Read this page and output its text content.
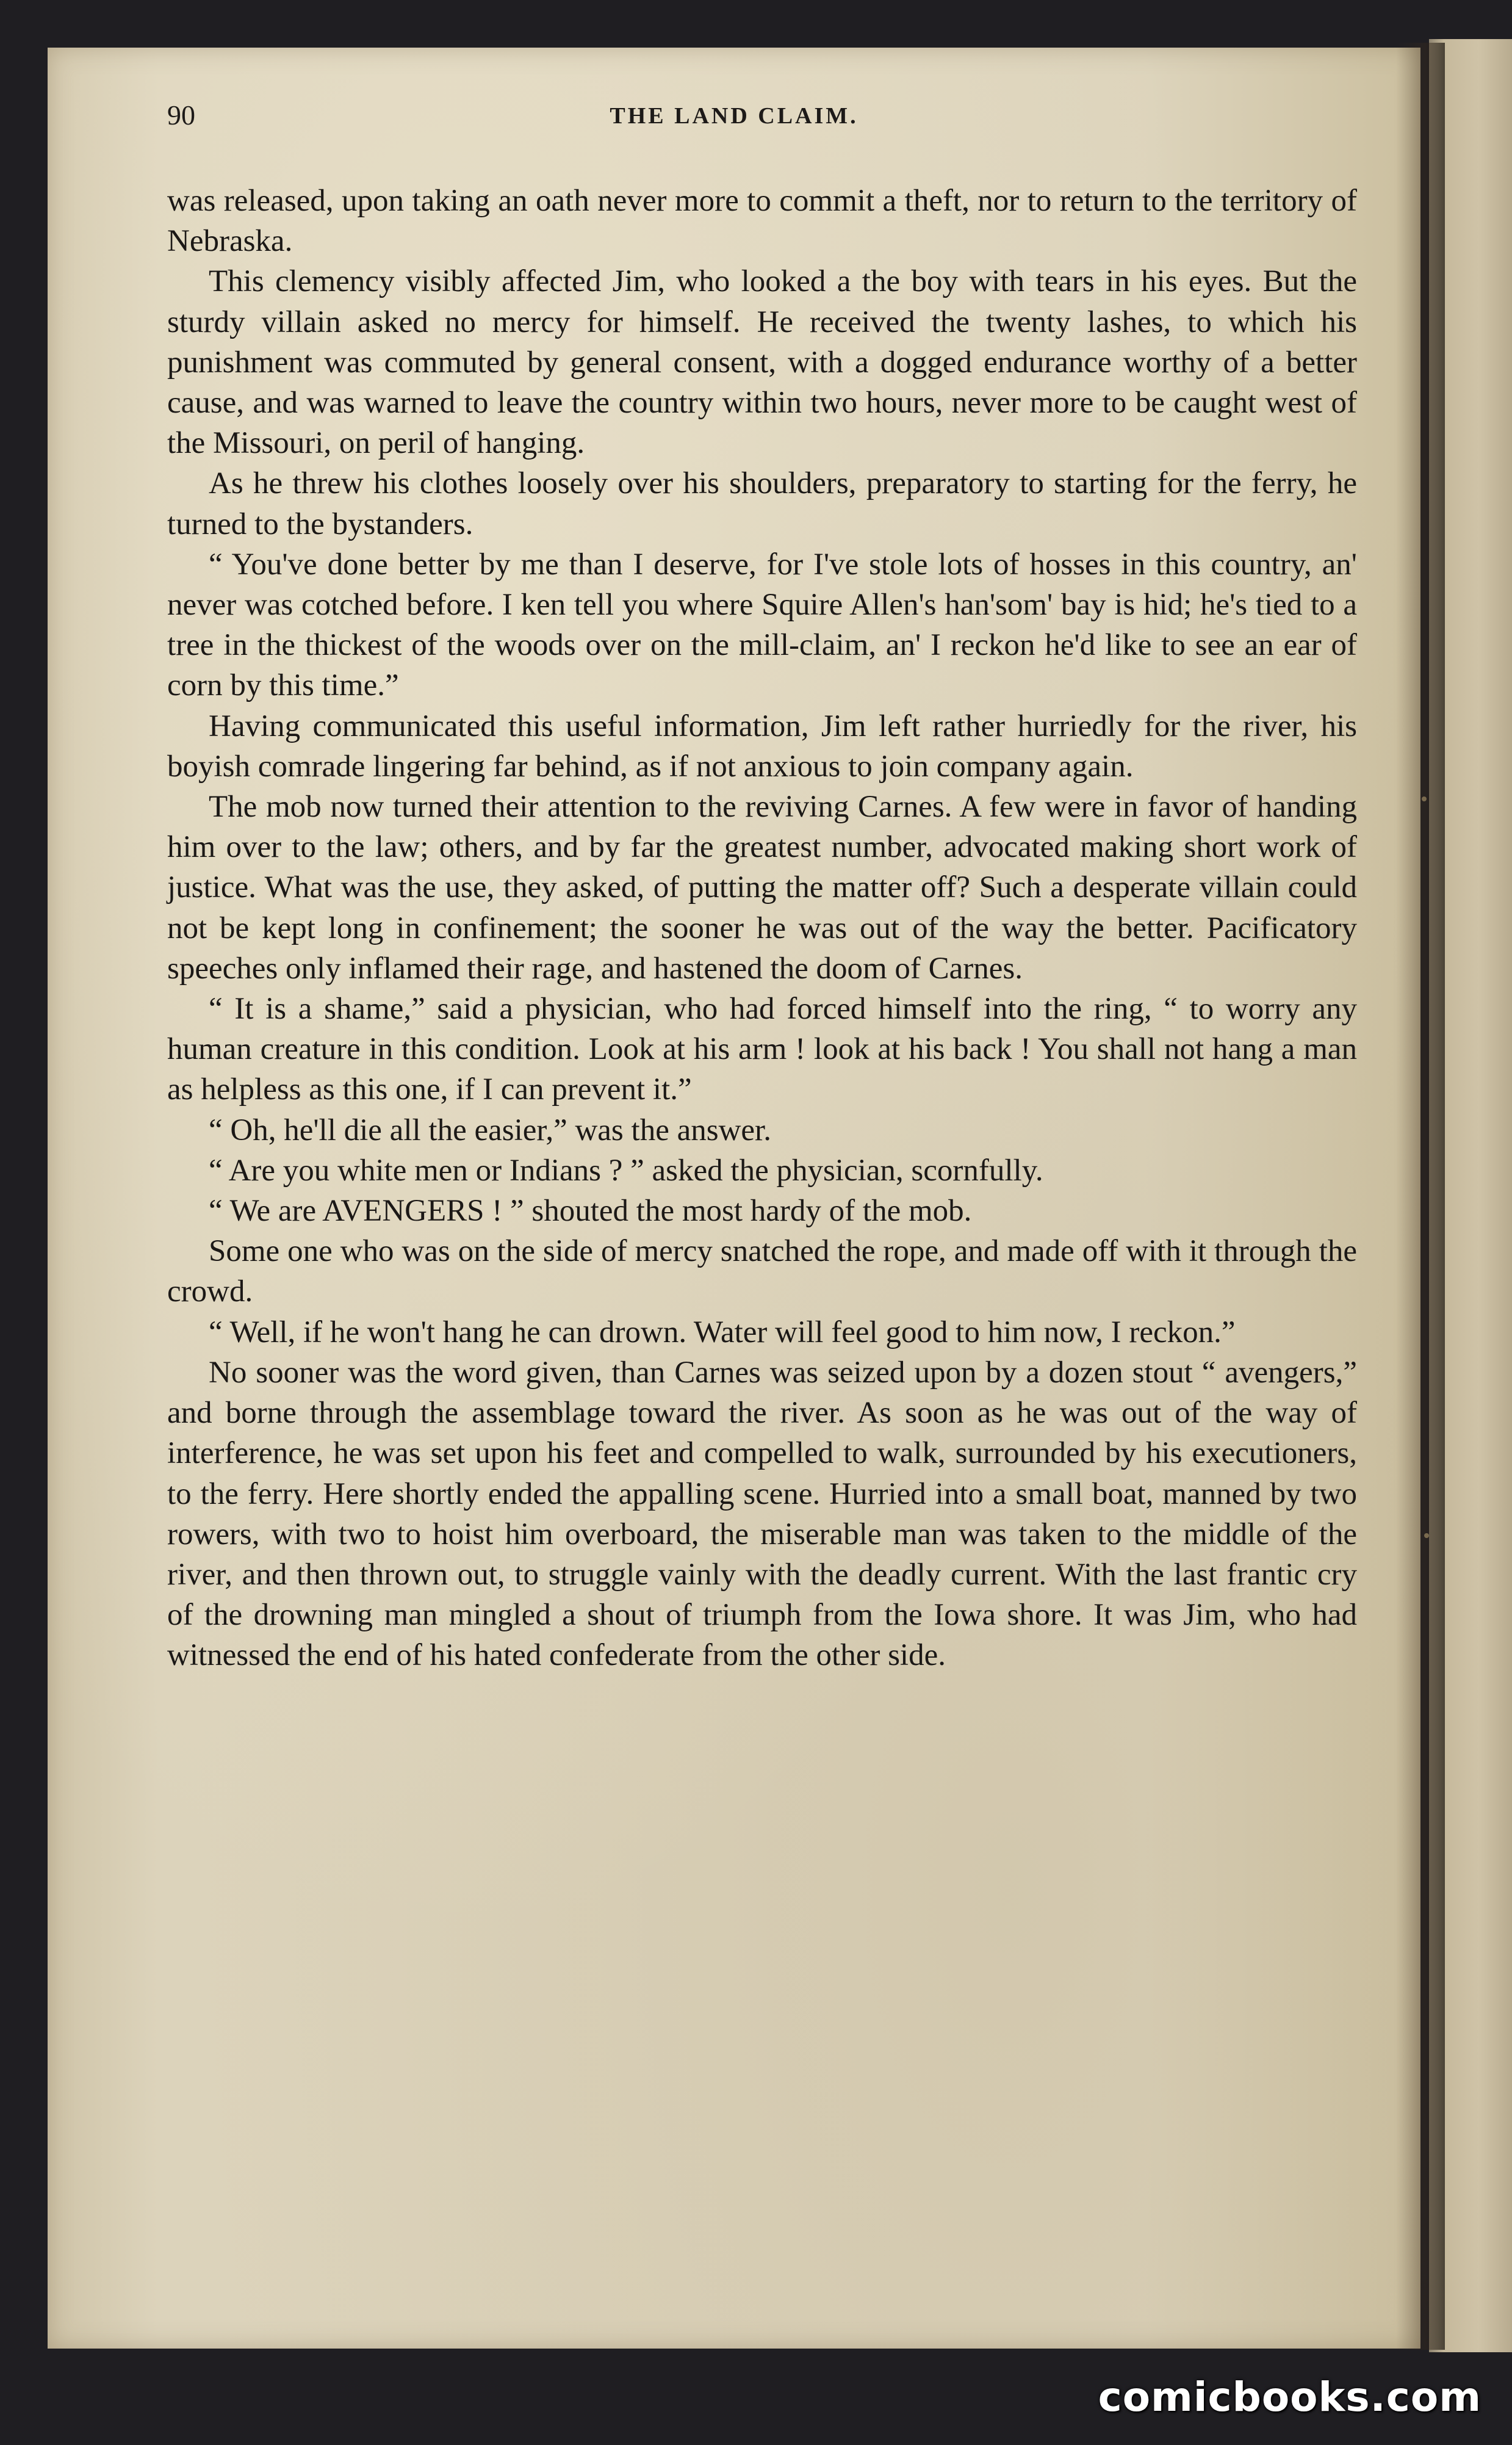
90	THE LAND CLAIM.

was released, upon taking an oath never more to commit a theft, nor to return to the territory of Nebraska.

This clemency visibly affected Jim, who looked a the boy with tears in his eyes. But the sturdy villain asked no mercy for himself. He received the twenty lashes, to which his punishment was commuted by general consent, with a dogged endurance worthy of a better cause, and was warned to leave the country within two hours, never more to be caught west of the Missouri, on peril of hanging.

As he threw his clothes loosely over his shoulders, preparatory to starting for the ferry, he turned to the bystanders.

“ You've done better by me than I deserve, for I've stole lots of hosses in this country, an' never was cotched before. I ken tell you where Squire Allen's han'som' bay is hid; he's tied to a tree in the thickest of the woods over on the mill-claim, an' I reckon he'd like to see an ear of corn by this time.”

Having communicated this useful information, Jim left rather hurriedly for the river, his boyish comrade lingering far behind, as if not anxious to join company again.

The mob now turned their attention to the reviving Carnes. A few were in favor of handing him over to the law; others, and by far the greatest number, advocated making short work of justice. What was the use, they asked, of putting the matter off? Such a desperate villain could not be kept long in confinement; the sooner he was out of the way the better. Pacificatory speeches only inflamed their rage, and hastened the doom of Carnes.

“ It is a shame,” said a physician, who had forced himself into the ring, “ to worry any human creature in this condition. Look at his arm ! look at his back ! You shall not hang a man as helpless as this one, if I can prevent it.”

“ Oh, he'll die all the easier,” was the answer.

“ Are you white men or Indians ? ” asked the physician, scornfully.

“ We are AVENGERS ! ” shouted the most hardy of the mob.

Some one who was on the side of mercy snatched the rope, and made off with it through the crowd.

“ Well, if he won't hang he can drown. Water will feel good to him now, I reckon.”

No sooner was the word given, than Carnes was seized upon by a dozen stout “ avengers,” and borne through the assemblage toward the river. As soon as he was out of the way of interference, he was set upon his feet and compelled to walk, surrounded by his executioners, to the ferry. Here shortly ended the appalling scene. Hurried into a small boat, manned by two rowers, with two to hoist him overboard, the miserable man was taken to the middle of the river, and then thrown out, to struggle vainly with the deadly current. With the last frantic cry of the drowning man mingled a shout of triumph from the Iowa shore. It was Jim, who had witnessed the end of his hated confederate from the other side.

comicbooks.com
